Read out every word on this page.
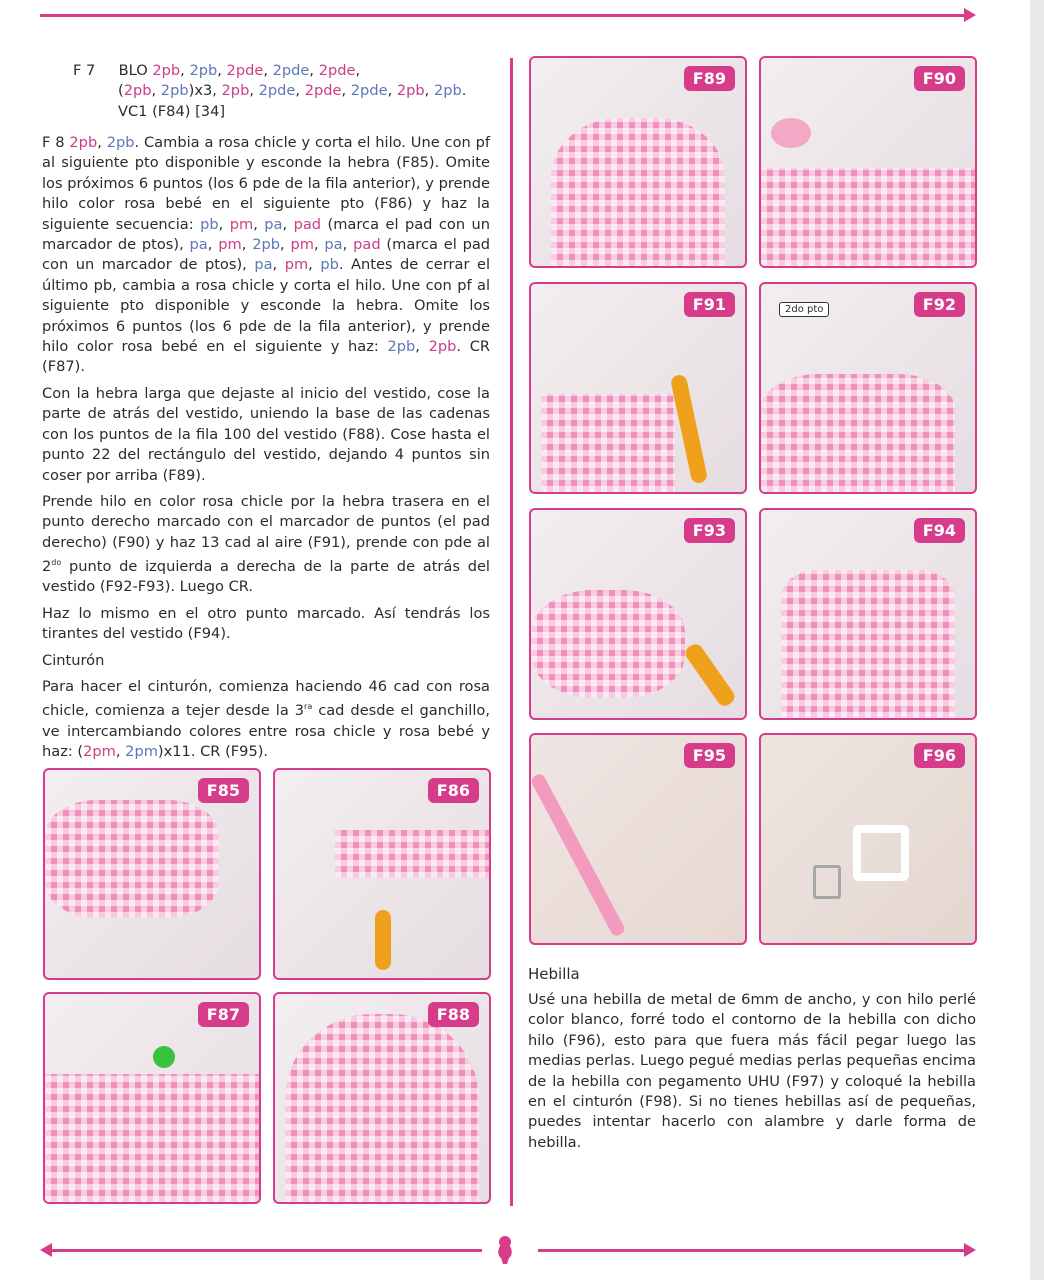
F 7 BLO 2pb, 2pb, 2pde, 2pde, 2pde,
(2pb, 2pb)x3, 2pb, 2pde, 2pde, 2pde, 2pb, 2pb.
VC1 (F84) [34]

F 8 2pb, 2pb. Cambia a rosa chicle y corta el hilo. Une con pf al siguiente pto disponible y esconde la hebra (F85). Omite los próximos 6 puntos (los 6 pde de la fila anterior), y prende hilo color rosa bebé en el siguiente pto (F86) y haz la siguiente secuencia: pb, pm, pa, pad (marca el pad con un marcador de ptos), pa, pm, 2pb, pm, pa, pad (marca el pad con un marcador de ptos), pa, pm, pb. Antes de cerrar el último pb, cambia a rosa chicle y corta el hilo. Une con pf al siguiente pto disponible y esconde la hebra. Omite los próximos 6 puntos (los 6 pde de la fila anterior), y prende hilo color rosa bebé en el siguiente y haz: 2pb, 2pb. CR (F87).

Con la hebra larga que dejaste al inicio del vestido, cose la parte de atrás del vestido, uniendo la base de las cadenas con los puntos de la fila 100 del vestido (F88). Cose hasta el punto 22 del rectángulo del vestido, dejando 4 puntos sin coser por arriba (F89).

Prende hilo en color rosa chicle por la hebra trasera en el punto derecho marcado con el marcador de puntos (el pad derecho) (F90) y haz 13 cad al aire (F91), prende con pde al $2^{do}$ punto de izquierda a derecha de la parte de atrás del vestido (F92-F93). Luego CR.

Haz lo mismo en el otro punto marcado. Así tendrás los tirantes del vestido (F94).

Cinturón

Para hacer el cinturón, comienza haciendo 46 cad con rosa chicle, comienza a tejer desde la $3^{ra}$ cad desde el ganchillo, ve intercambiando colores entre rosa chicle y rosa bebé y haz: (2pm, 2pm)x11. CR (F95).

F89	F90
F91	2do pto	F92
F93	F94
F95	F96
F85	F86
F87	F88
Hebilla
Usé una hebilla de metal de 6mm de ancho, y con hilo perlé color blanco, forré todo el contorno de la hebilla con dicho hilo (F96), esto para que fuera más fácil pegar luego las medias perlas. Luego pegué medias perlas pequeñas encima de la hebilla con pegamento UHU (F97) y coloqué la hebilla en el cinturón (F98). Si no tienes hebillas así de pequeñas, puedes intentar hacerlo con alambre y darle forma de hebilla.
